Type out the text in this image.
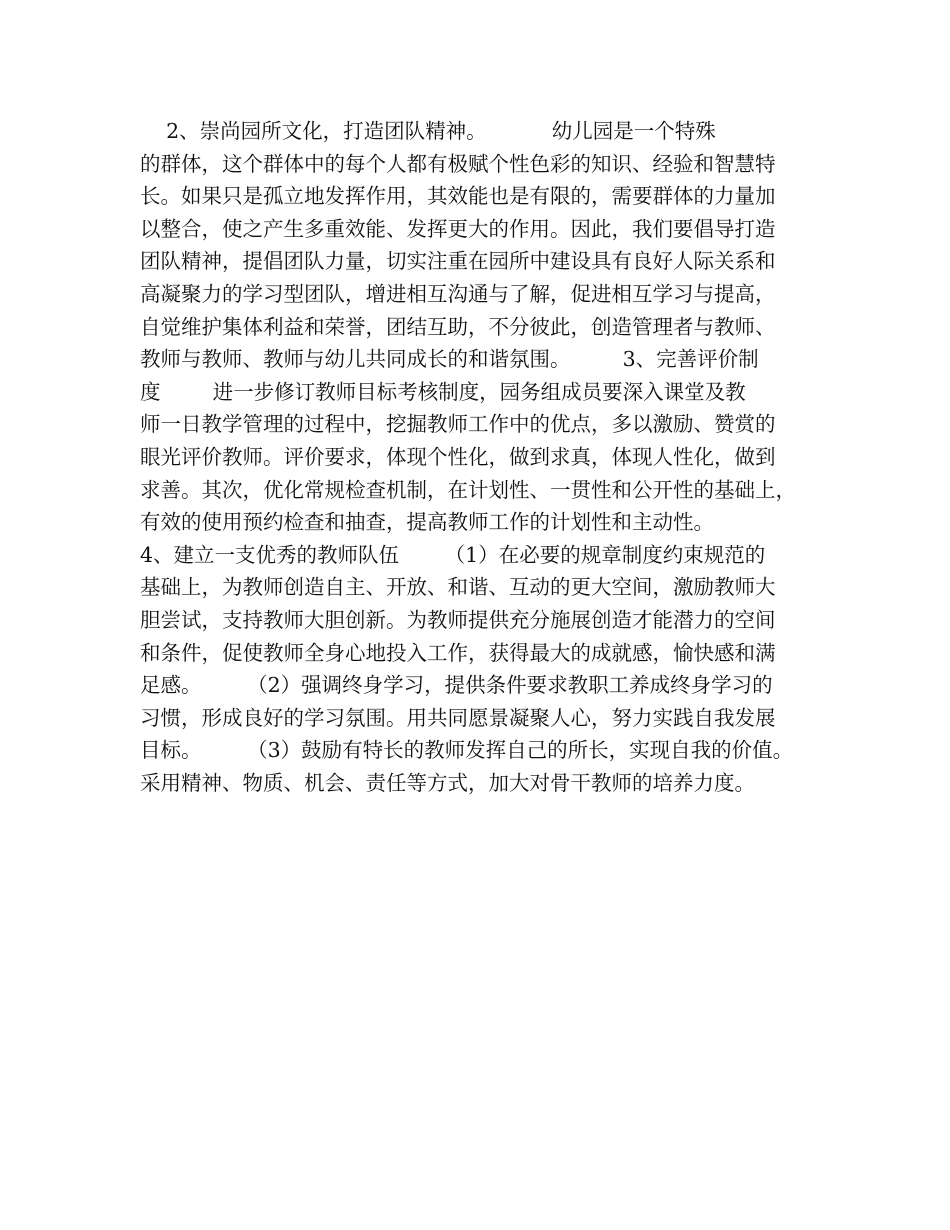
2、崇尚园所文化，打造团队精神。          幼儿园是一个特殊
的群体，这个群体中的每个人都有极赋个性色彩的知识、经验和智慧特
长。如果只是孤立地发挥作用，其效能也是有限的，需要群体的力量加
以整合，使之产生多重效能、发挥更大的作用。因此，我们要倡导打造
团队精神，提倡团队力量，切实注重在园所中建设具有良好人际关系和
高凝聚力的学习型团队，增进相互沟通与了解，促进相互学习与提高，
自觉维护集体利益和荣誉，团结互助，不分彼此，创造管理者与教师、
教师与教师、教师与幼儿共同成长的和谐氛围。        3、完善评价制
度        进一步修订教师目标考核制度，园务组成员要深入课堂及教
师一日教学管理的过程中，挖掘教师工作中的优点，多以激励、赞赏的
眼光评价教师。评价要求，体现个性化，做到求真，体现人性化，做到
求善。其次，优化常规检查机制，在计划性、一贯性和公开性的基础上，
有效的使用预约检查和抽查，提高教师工作的计划性和主动性。
4、建立一支优秀的教师队伍       （1）在必要的规章制度约束规范的
基础上，为教师创造自主、开放、和谐、互动的更大空间，激励教师大
胆尝试，支持教师大胆创新。为教师提供充分施展创造才能潜力的空间
和条件，促使教师全身心地投入工作，获得最大的成就感，愉快感和满
足感。       （2）强调终身学习，提供条件要求教职工养成终身学习的
习惯，形成良好的学习氛围。用共同愿景凝聚人心，努力实践自我发展
目标。       （3）鼓励有特长的教师发挥自己的所长，实现自我的价值。
采用精神、物质、机会、责任等方式，加大对骨干教师的培养力度。
